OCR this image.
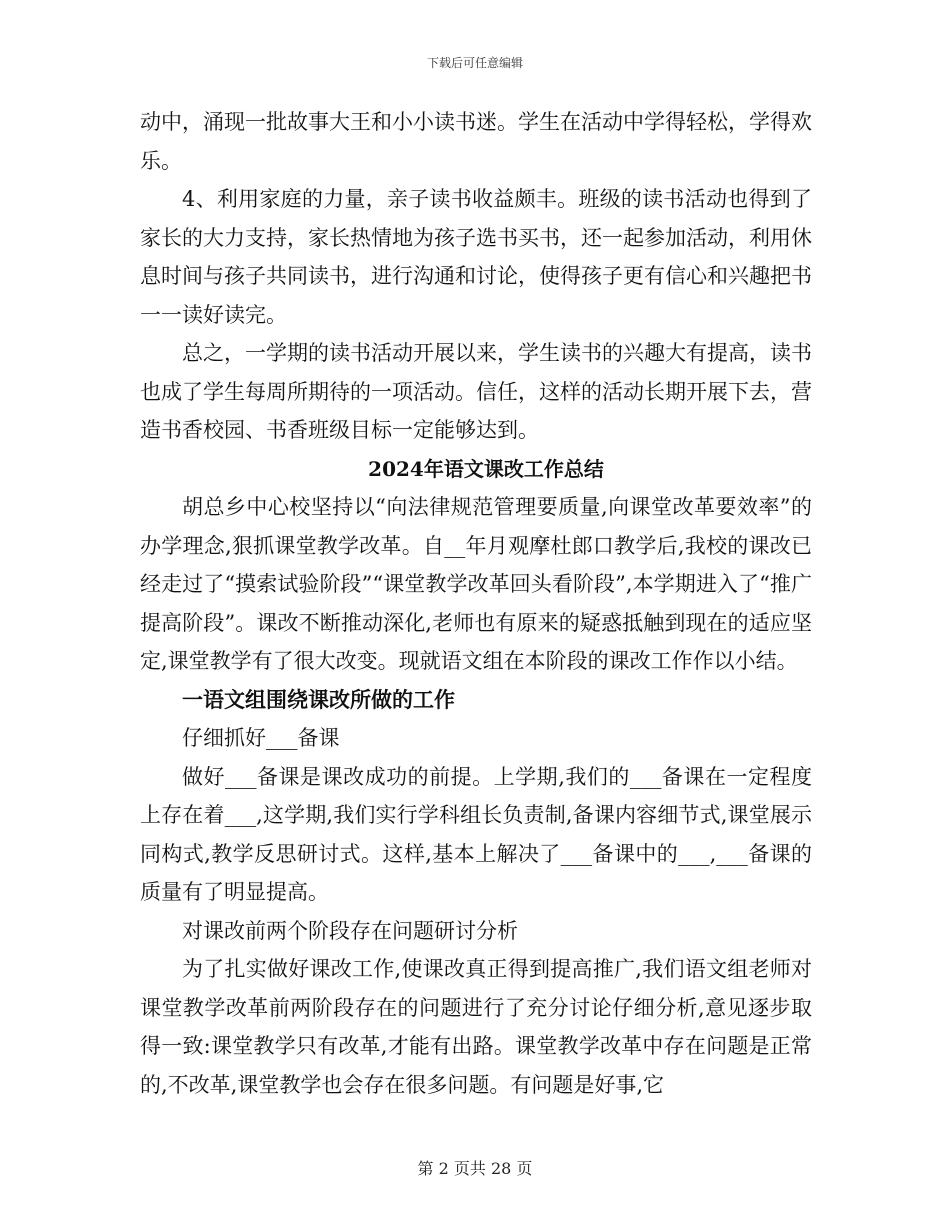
下载后可任意编辑

动中，涌现一批故事大王和小小读书迷。学生在活动中学得轻松，学得欢乐。

4、利用家庭的力量，亲子读书收益颇丰。班级的读书活动也得到了家长的大力支持，家长热情地为孩子选书买书，还一起参加活动，利用休息时间与孩子共同读书，进行沟通和讨论，使得孩子更有信心和兴趣把书一一读好读完。

总之，一学期的读书活动开展以来，学生读书的兴趣大有提高，读书也成了学生每周所期待的一项活动。信任，这样的活动长期开展下去，营造书香校园、书香班级目标一定能够达到。

2024年语文课改工作总结

胡总乡中心校坚持以“向法律规范管理要质量,向课堂改革要效率”的办学理念,狠抓课堂教学改革。自__年月观摩杜郎口教学后,我校的课改已经走过了“摸索试验阶段”“课堂教学改革回头看阶段”,本学期进入了“推广提高阶段”。课改不断推动深化,老师也有原来的疑惑抵触到现在的适应坚定,课堂教学有了很大改变。现就语文组在本阶段的课改工作作以小结。

一语文组围绕课改所做的工作

仔细抓好___备课

做好___备课是课改成功的前提。上学期,我们的___备课在一定程度上存在着___,这学期,我们实行学科组长负责制,备课内容细节式,课堂展示同构式,教学反思研讨式。这样,基本上解决了___备课中的___,___备课的质量有了明显提高。

对课改前两个阶段存在问题研讨分析

为了扎实做好课改工作,使课改真正得到提高推广,我们语文组老师对课堂教学改革前两阶段存在的问题进行了充分讨论仔细分析,意见逐步取得一致:课堂教学只有改革,才能有出路。课堂教学改革中存在问题是正常的,不改革,课堂教学也会存在很多问题。有问题是好事,它

第 2 页共 28 页
